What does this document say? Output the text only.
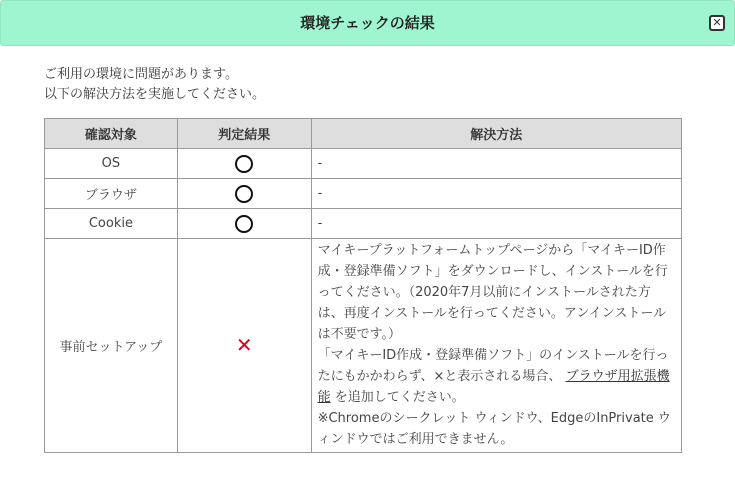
環境チェックの結果	✕
ご利用の環境に問題があります。
以下の解決方法を実施してください。
確認対象	判定結果	解決方法
OS		-
ブラウザ		-
Cookie		-
事前セットアップ	✕	マイキープラットフォームトップページから「マイキーID作成・登録準備ソフト」をダウンロードし、インストールを行ってください。（2020年7月以前にインストールされた方は、再度インストールを行ってください。アンインストールは不要です。）
「マイキーID作成・登録準備ソフト」のインストールを行ったにもかかわらず、×と表示される場合、 ブラウザ用拡張機能 を追加してください。
※Chromeのシークレット ウィンドウ、EdgeのInPrivate ウィンドウではご利用できません。
